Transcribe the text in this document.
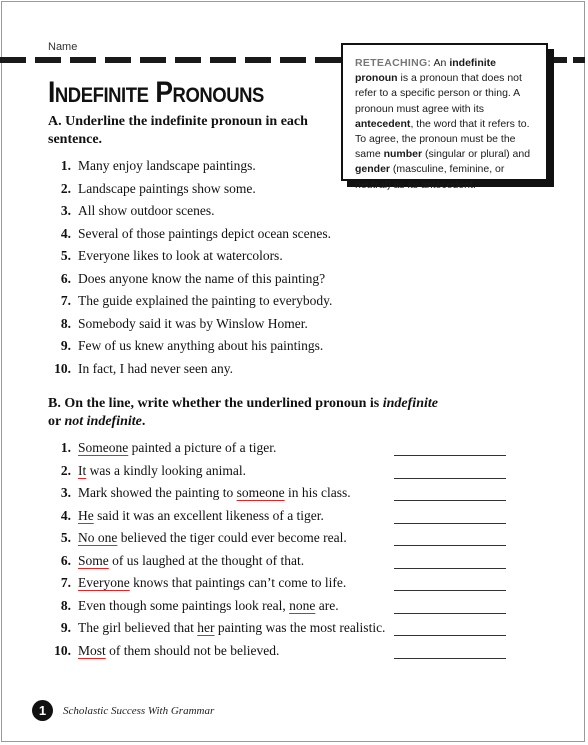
Name
Indefinite Pronouns
RETEACHING: An indefinite pronoun is a pronoun that does not refer to a specific person or thing. A pronoun must agree with its antecedent, the word that it refers to. To agree, the pronoun must be the same number (singular or plural) and gender (masculine, feminine, or neutral) as its antecedent.
A. Underline the indefinite pronoun in each sentence.
1. Many enjoy landscape paintings.
2. Landscape paintings show some.
3. All show outdoor scenes.
4. Several of those paintings depict ocean scenes.
5. Everyone likes to look at watercolors.
6. Does anyone know the name of this painting?
7. The guide explained the painting to everybody.
8. Somebody said it was by Winslow Homer.
9. Few of us knew anything about his paintings.
10. In fact, I had never seen any.
B. On the line, write whether the underlined pronoun is indefinite or not indefinite.
1. Someone painted a picture of a tiger.
2. It was a kindly looking animal.
3. Mark showed the painting to someone in his class.
4. He said it was an excellent likeness of a tiger.
5. No one believed the tiger could ever become real.
6. Some of us laughed at the thought of that.
7. Everyone knows that paintings can’t come to life.
8. Even though some paintings look real, none are.
9. The girl believed that her painting was the most realistic.
10. Most of them should not be believed.
1	Scholastic Success With Grammar
